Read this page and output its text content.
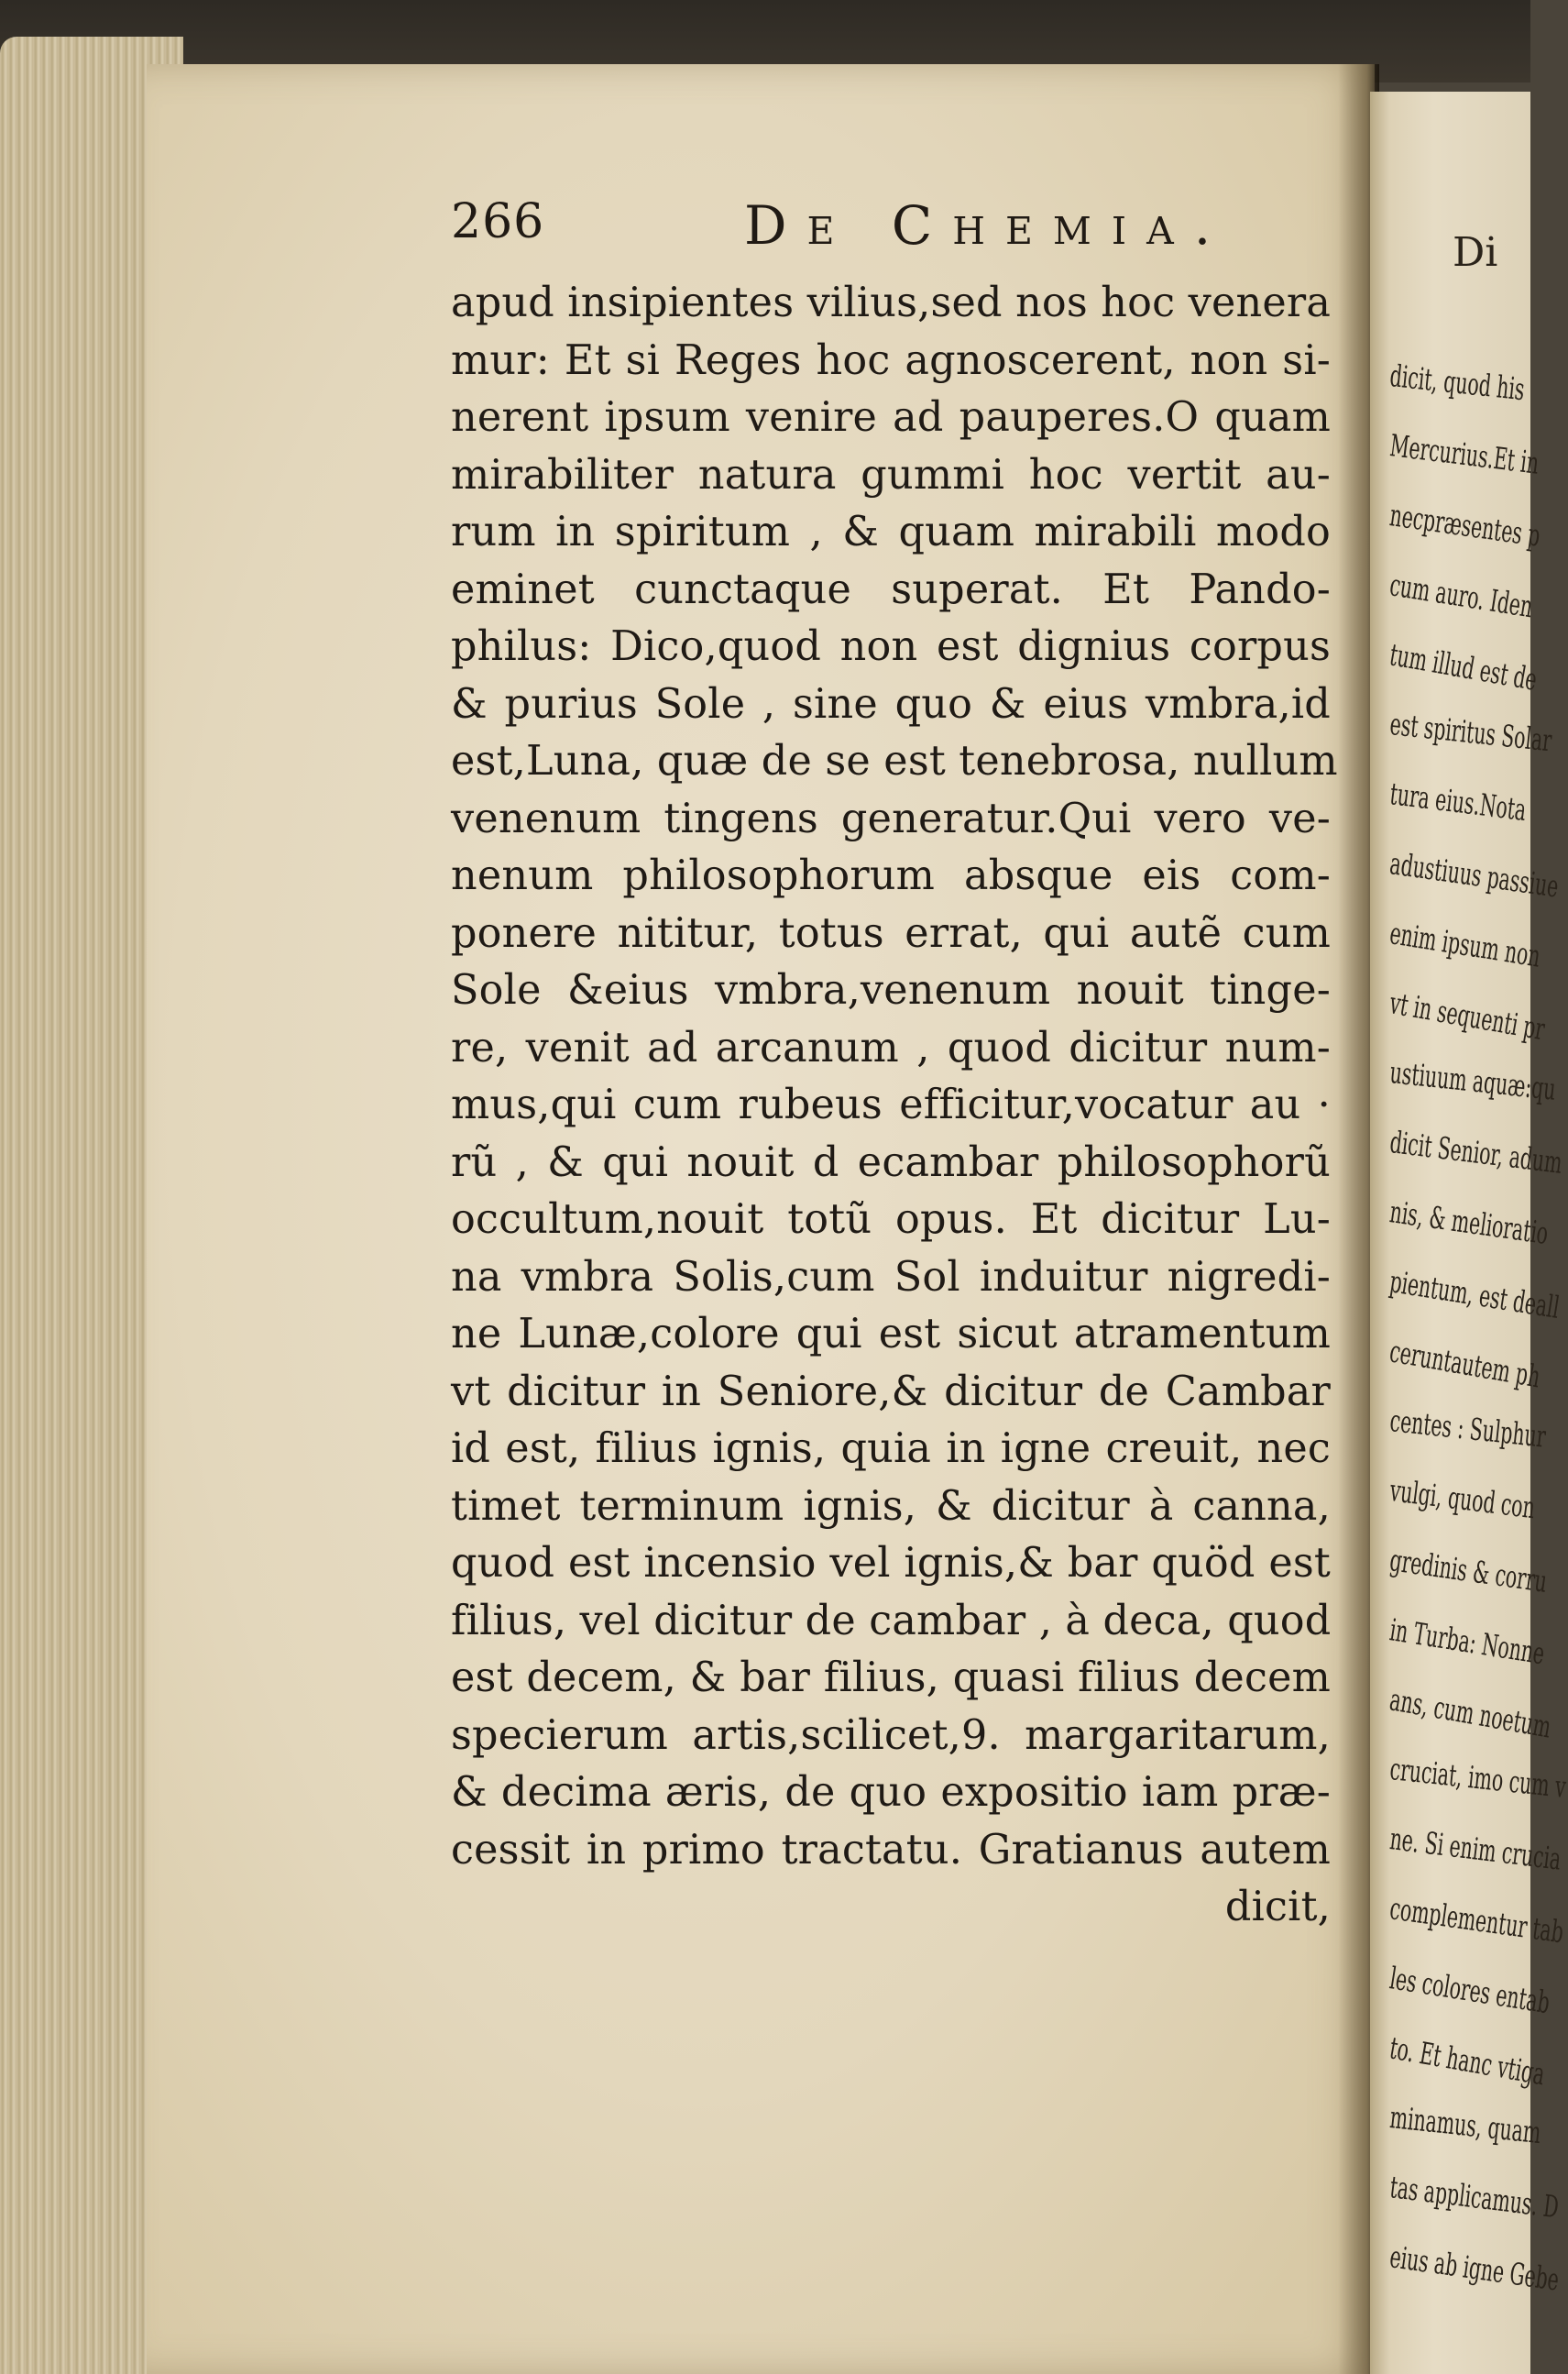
266	De Chemia.
apud insipientes vilius,sed nos hoc venera
mur: Et si Reges hoc agnoscerent, non si-
nerent ipsum venire ad pauperes.O quam
mirabiliter natura gummi hoc vertit au-
rum in spiritum , & quam mirabili modo
eminet cunctaque superat. Et Pando-
philus: Dico,quod non est dignius corpus
& purius Sole , sine quo & eius vmbra,id
est,Luna, quæ de se est tenebrosa, nullum
venenum tingens generatur.Qui vero ve-
nenum philosophorum absque eis com-
ponere nititur, totus errat, qui autẽ cum
Sole &eius vmbra,venenum nouit tinge-
re, venit ad arcanum , quod dicitur num-
mus,qui cum rubeus efficitur,vocatur au ·
rũ , & qui nouit d ecambar philosophorũ
occultum,nouit totũ opus. Et dicitur Lu-
na vmbra Solis,cum Sol induitur nigredi-
ne Lunæ,colore qui est sicut atramentum
vt dicitur in Seniore,& dicitur de Cambar
id est, filius ignis, quia in igne creuit, nec
timet terminum ignis, & dicitur à canna,
quod est incensio vel ignis,& bar quöd est
filius, vel dicitur de cambar , à deca, quod
est decem, & bar filius, quasi filius decem
specierum artis,scilicet,9. margaritarum,
& decima æris, de quo expositio iam præ-
cessit in primo tractatu. Gratianus autem
dicit,
Di
dicit, quod his
Mercurius.Et in
necpræsentes p
cum auro. Iden
tum illud est de
est spiritus Solar
tura eius.Nota
adustiuus passiue
enim ipsum non
vt in sequenti pr
ustiuum aquæ:qu
dicit Senior, adum
nis, & melioratio
pientum, est deall
ceruntautem ph
centes : Sulphur
vulgi, quod con
gredinis & corru
in Turba: Nonne
ans, cum noetum
cruciat, imo cum v
ne. Si enim crucia
complementur tab
les colores entab
to. Et hanc vtiga
minamus, quam
tas applicamus. D
eius ab igne Gebe
